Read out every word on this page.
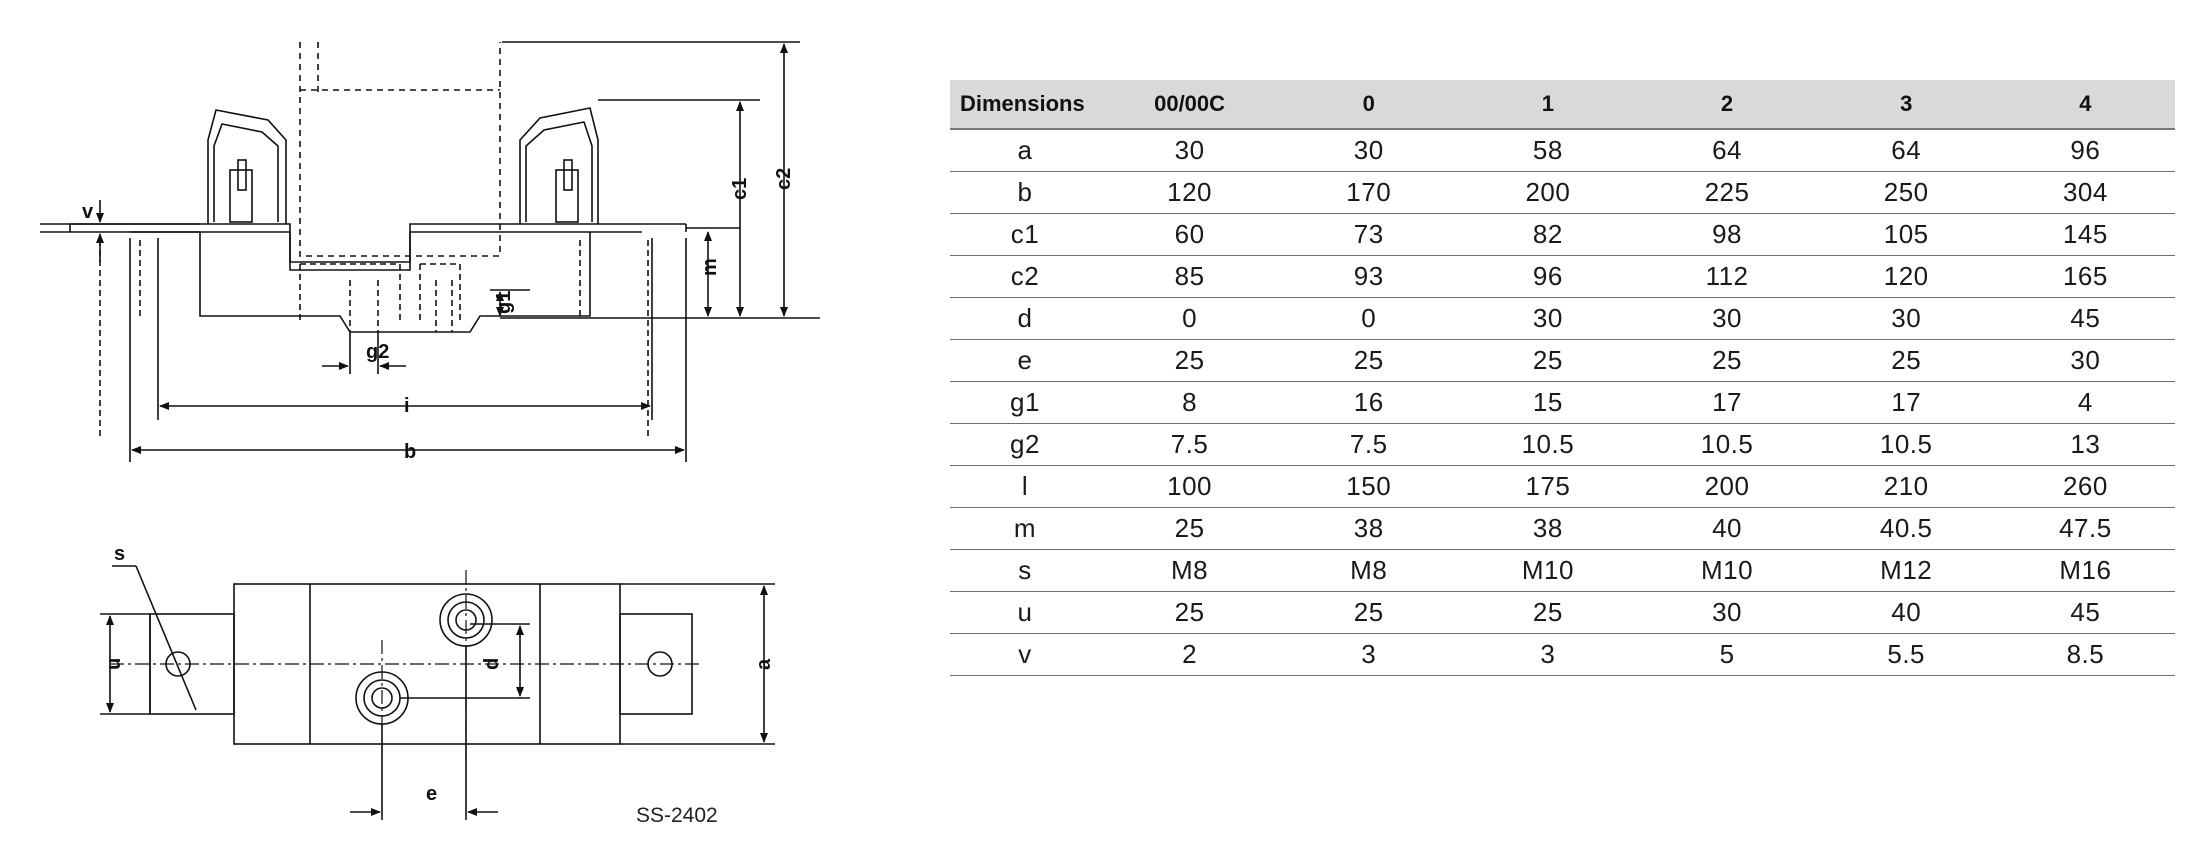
v
m
g1
g2
c1 c2
i
b
s
u	d	a
e
SS-2402
Dimensions	00/00C	0	1	2	3	4
a	30	30	58	64	64	96
b	120	170	200	225	250	304
c1	60	73	82	98	105	145
c2	85	93	96	112	120	165
d	0	0	30	30	30	45
e	25	25	25	25	25	30
g1	8	16	15	17	17	4
g2	7.5	7.5	10.5	10.5	10.5	13
l	100	150	175	200	210	260
m	25	38	38	40	40.5	47.5
s	M8	M8	M10	M10	M12	M16
u	25	25	25	30	40	45
v	2	3	3	5	5.5	8.5
